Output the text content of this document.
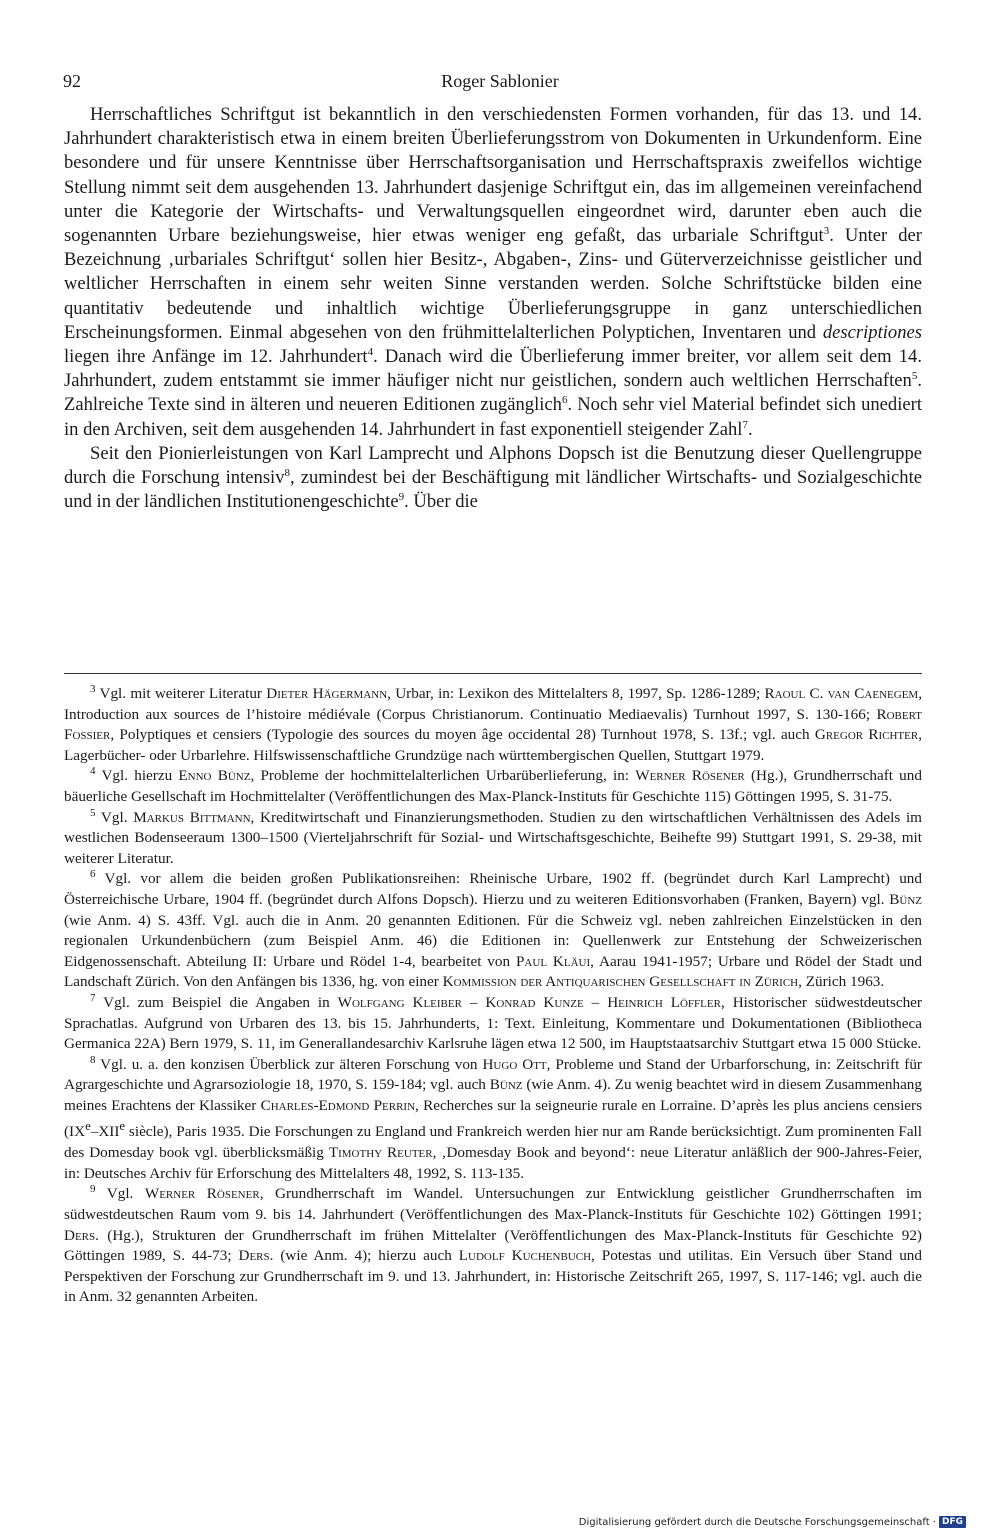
92	Roger Sablonier

Herrschaftliches Schriftgut ist bekanntlich in den verschiedensten Formen vorhanden, für das 13. und 14. Jahrhundert charakteristisch etwa in einem breiten Überlieferungsstrom von Dokumenten in Urkundenform. Eine besondere und für unsere Kenntnisse über Herrschaftsorganisation und Herrschaftspraxis zweifellos wichtige Stellung nimmt seit dem ausgehenden 13. Jahrhundert dasjenige Schriftgut ein, das im allgemeinen vereinfachend unter die Kategorie der Wirtschafts- und Verwaltungsquellen eingeordnet wird, darunter eben auch die sogenannten Urbare beziehungsweise, hier etwas weniger eng gefaßt, das urbariale Schriftgut$^3$. Unter der Bezeichnung ‚urbariales Schriftgut‘ sollen hier Besitz-, Abgaben-, Zins- und Güterverzeichnisse geistlicher und weltlicher Herrschaften in einem sehr weiten Sinne verstanden werden. Solche Schriftstücke bilden eine quantitativ bedeutende und inhaltlich wichtige Überlieferungsgruppe in ganz unterschiedlichen Erscheinungsformen. Einmal abgesehen von den frühmittelalterlichen Polyptichen, Inventaren und descriptiones liegen ihre Anfänge im 12. Jahrhundert$^4$. Danach wird die Überlieferung immer breiter, vor allem seit dem 14. Jahrhundert, zudem entstammt sie immer häufiger nicht nur geistlichen, sondern auch weltlichen Herrschaften$^5$. Zahlreiche Texte sind in älteren und neueren Editionen zugänglich$^6$. Noch sehr viel Material befindet sich unediert in den Archiven, seit dem ausgehenden 14. Jahrhundert in fast exponentiell steigender Zahl$^7$.

Seit den Pionierleistungen von Karl Lamprecht und Alphons Dopsch ist die Benutzung dieser Quellengruppe durch die Forschung intensiv$^8$, zumindest bei der Beschäftigung mit ländlicher Wirtschafts- und Sozialgeschichte und in der ländlichen Institutionengeschichte$^9$. Über die

$^3$ Vgl. mit weiterer Literatur Dieter Hägermann, Urbar, in: Lexikon des Mittelalters 8, 1997, Sp. 1286-1289; Raoul C. van Caenegem, Introduction aux sources de l’histoire médiévale (Corpus Christianorum. Continuatio Mediaevalis) Turnhout 1997, S. 130-166; Robert Fossier, Polyptiques et censiers (Typologie des sources du moyen âge occidental 28) Turnhout 1978, S. 13f.; vgl. auch Gregor Richter, Lagerbücher- oder Urbarlehre. Hilfswissenschaftliche Grundzüge nach württembergischen Quellen, Stuttgart 1979.

$^4$ Vgl. hierzu Enno Bünz, Probleme der hochmittelalterlichen Urbarüberlieferung, in: Werner Rösener (Hg.), Grundherrschaft und bäuerliche Gesellschaft im Hochmittelalter (Veröffentlichungen des Max-Planck-Instituts für Geschichte 115) Göttingen 1995, S. 31-75.

$^5$ Vgl. Markus Bittmann, Kreditwirtschaft und Finanzierungsmethoden. Studien zu den wirtschaftlichen Verhältnissen des Adels im westlichen Bodenseeraum 1300–1500 (Vierteljahrschrift für Sozial- und Wirtschaftsgeschichte, Beihefte 99) Stuttgart 1991, S. 29-38, mit weiterer Literatur.

$^6$ Vgl. vor allem die beiden großen Publikationsreihen: Rheinische Urbare, 1902 ff. (begründet durch Karl Lamprecht) und Österreichische Urbare, 1904 ff. (begründet durch Alfons Dopsch). Hierzu und zu weiteren Editionsvorhaben (Franken, Bayern) vgl. Bünz (wie Anm. 4) S. 43ff. Vgl. auch die in Anm. 20 genannten Editionen. Für die Schweiz vgl. neben zahlreichen Einzelstücken in den regionalen Urkundenbüchern (zum Beispiel Anm. 46) die Editionen in: Quellenwerk zur Entstehung der Schweizerischen Eidgenossenschaft. Abteilung II: Urbare und Rödel 1-4, bearbeitet von Paul Kläui, Aarau 1941-1957; Urbare und Rödel der Stadt und Landschaft Zürich. Von den Anfängen bis 1336, hg. von einer Kommission der Antiquarischen Gesellschaft in Zürich, Zürich 1963.

$^7$ Vgl. zum Beispiel die Angaben in Wolfgang Kleiber – Konrad Kunze – Heinrich Löffler, Historischer südwestdeutscher Sprachatlas. Aufgrund von Urbaren des 13. bis 15. Jahrhunderts, 1: Text. Einleitung, Kommentare und Dokumentationen (Bibliotheca Germanica 22A) Bern 1979, S. 11, im Generallandesarchiv Karlsruhe lägen etwa 12 500, im Hauptstaatsarchiv Stuttgart etwa 15 000 Stücke.

$^8$ Vgl. u. a. den konzisen Überblick zur älteren Forschung von Hugo Ott, Probleme und Stand der Urbarforschung, in: Zeitschrift für Agrargeschichte und Agrarsoziologie 18, 1970, S. 159-184; vgl. auch Bünz (wie Anm. 4). Zu wenig beachtet wird in diesem Zusammenhang meines Erachtens der Klassiker Charles-Edmond Perrin, Recherches sur la seigneurie rurale en Lorraine. D’après les plus anciens censiers (IXe–XIIe siècle), Paris 1935. Die Forschungen zu England und Frankreich werden hier nur am Rande berücksichtigt. Zum prominenten Fall des Domesday book vgl. überblicksmäßig Timothy Reuter, ‚Domesday Book and beyond‘: neue Literatur anläßlich der 900-Jahres-Feier, in: Deutsches Archiv für Erforschung des Mittelalters 48, 1992, S. 113-135.

$^9$ Vgl. Werner Rösener, Grundherrschaft im Wandel. Untersuchungen zur Entwicklung geistlicher Grundherrschaften im südwestdeutschen Raum vom 9. bis 14. Jahrhundert (Veröffentlichungen des Max-Planck-Instituts für Geschichte 102) Göttingen 1991; Ders. (Hg.), Strukturen der Grundherrschaft im frühen Mittelalter (Veröffentlichungen des Max-Planck-Instituts für Geschichte 92) Göttingen 1989, S. 44-73; Ders. (wie Anm. 4); hierzu auch Ludolf Kuchenbuch, Potestas und utilitas. Ein Versuch über Stand und Perspektiven der Forschung zur Grundherrschaft im 9. und 13. Jahrhundert, in: Historische Zeitschrift 265, 1997, S. 117-146; vgl. auch die in Anm. 32 genannten Arbeiten.

Digitalisierung gefördert durch die Deutsche Forschungsgemeinschaft · DFG
